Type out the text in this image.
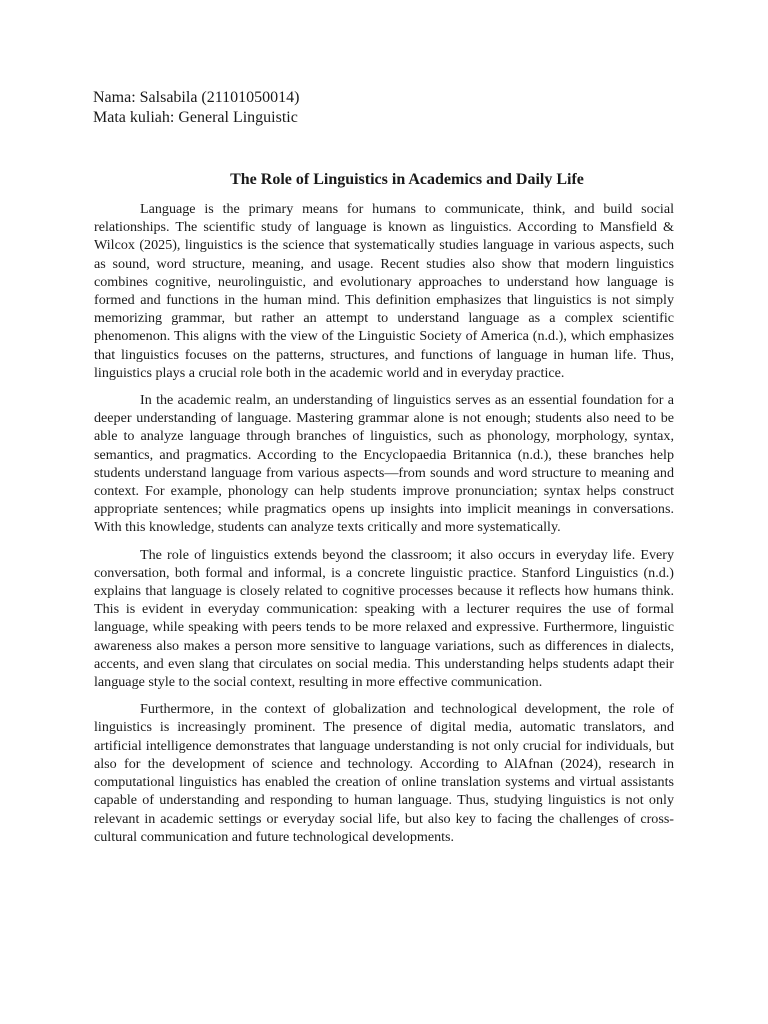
Nama: Salsabila (21101050014)
Mata kuliah: General Linguistic
The Role of Linguistics in Academics and Daily Life

Language is the primary means for humans to communicate, think, and build social relationships. The scientific study of language is known as linguistics. According to Mansfield & Wilcox (2025), linguistics is the science that systematically studies language in various aspects, such as sound, word structure, meaning, and usage. Recent studies also show that modern linguistics combines cognitive, neurolinguistic, and evolutionary approaches to understand how language is formed and functions in the human mind. This definition emphasizes that linguistics is not simply memorizing grammar, but rather an attempt to understand language as a complex scientific phenomenon. This aligns with the view of the Linguistic Society of America (n.d.), which emphasizes that linguistics focuses on the patterns, structures, and functions of language in human life. Thus, linguistics plays a crucial role both in the academic world and in everyday practice.

In the academic realm, an understanding of linguistics serves as an essential foundation for a deeper understanding of language. Mastering grammar alone is not enough; students also need to be able to analyze language through branches of linguistics, such as phonology, morphology, syntax, semantics, and pragmatics. According to the Encyclopaedia Britannica (n.d.), these branches help students understand language from various aspects—from sounds and word structure to meaning and context. For example, phonology can help students improve pronunciation; syntax helps construct appropriate sentences; while pragmatics opens up insights into implicit meanings in conversations. With this knowledge, students can analyze texts critically and more systematically.

The role of linguistics extends beyond the classroom; it also occurs in everyday life. Every conversation, both formal and informal, is a concrete linguistic practice. Stanford Linguistics (n.d.) explains that language is closely related to cognitive processes because it reflects how humans think. This is evident in everyday communication: speaking with a lecturer requires the use of formal language, while speaking with peers tends to be more relaxed and expressive. Furthermore, linguistic awareness also makes a person more sensitive to language variations, such as differences in dialects, accents, and even slang that circulates on social media. This understanding helps students adapt their language style to the social context, resulting in more effective communication.

Furthermore, in the context of globalization and technological development, the role of linguistics is increasingly prominent. The presence of digital media, automatic translators, and artificial intelligence demonstrates that language understanding is not only crucial for individuals, but also for the development of science and technology. According to AlAfnan (2024), research in computational linguistics has enabled the creation of online translation systems and virtual assistants capable of understanding and responding to human language. Thus, studying linguistics is not only relevant in academic settings or everyday social life, but also key to facing the challenges of cross-cultural communication and future technological developments.
